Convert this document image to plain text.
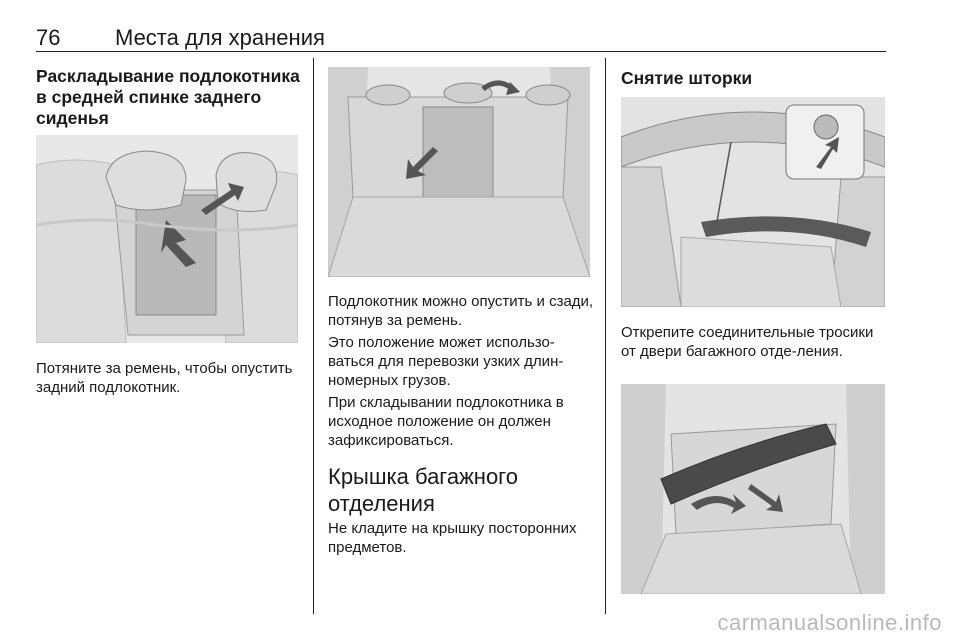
76 Места для хранения
Раскладывание подлокотника в средней спинке заднего сиденья
Потяните за ремень, чтобы опустить задний подлокотник.
Подлокотник можно опустить и сзади, потянув за ремень.
Это положение может использо-ваться для перевозки узких длин-номерных грузов.
При складывании подлокотника в исходное положение он должен зафиксироваться.
Крышка багажного отделения
Не кладите на крышку посторонних предметов.
Снятие шторки
Открепите соединительные тросики от двери багажного отде-ления.
carmanualsonline.info
